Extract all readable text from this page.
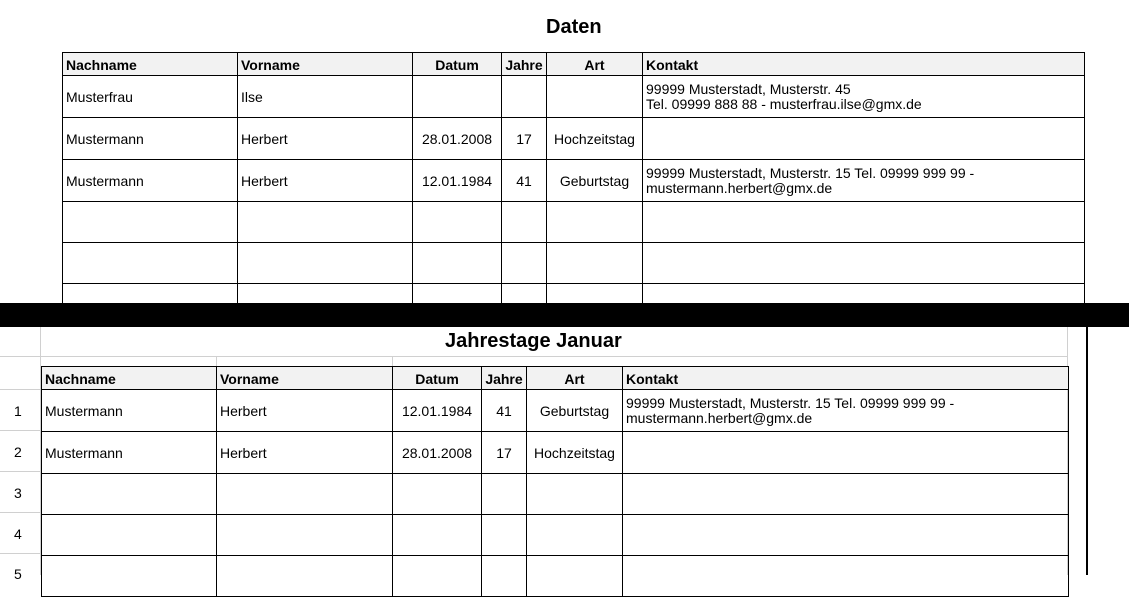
Daten
Nachname	Vorname	Datum	Jahre	Art	Kontakt
Musterfrau	Ilse				99999 Musterstadt, Musterstr. 45
Tel. 09999 888 88 - musterfrau.ilse@gmx.de
Mustermann	Herbert	28.01.2008	17	Hochzeitstag	

Mustermann	Herbert	12.01.1984	41	Geburtstag	99999 Musterstadt, Musterstr. 15 Tel. 09999 999 99 -
mustermann.herbert@gmx.de

Jahrestage Januar
1
2
3
4
5
Nachname	Vorname	Datum	Jahre	Art	Kontakt
Mustermann	Herbert	12.01.1984	41	Geburtstag	99999 Musterstadt, Musterstr. 15 Tel. 09999 999 99 -
mustermann.herbert@gmx.de
Mustermann	Herbert	28.01.2008	17	Hochzeitstag	
